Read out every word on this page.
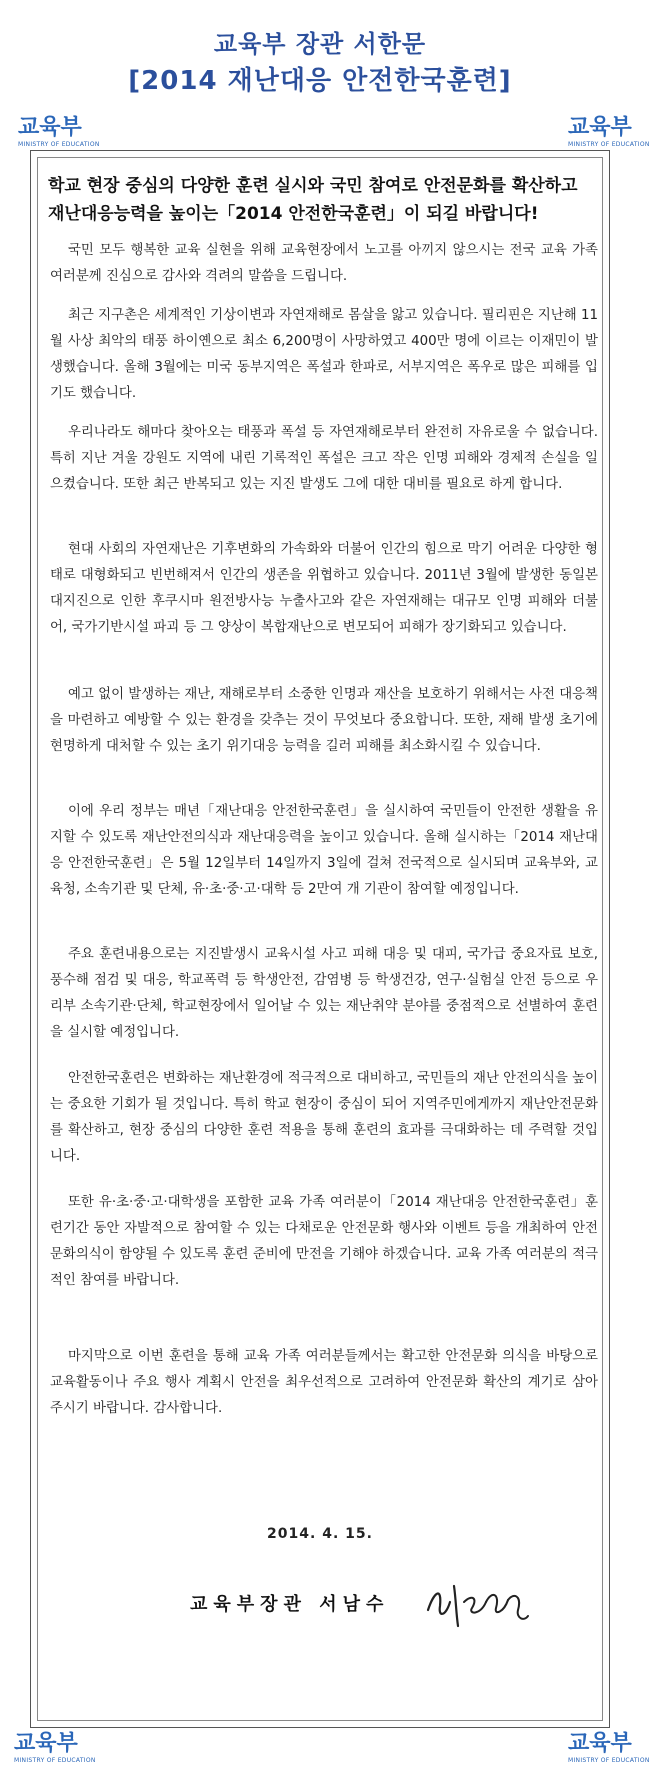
교육부 장관 서한문
[2014 재난대응 안전한국훈련]
교육부
MINISTRY OF EDUCATION
교육부
MINISTRY OF EDUCATION
교육부
MINISTRY OF EDUCATION
교육부
MINISTRY OF EDUCATION
학교 현장 중심의 다양한 훈련 실시와 국민 참여로 안전문화를 확산하고
재난대응능력을 높이는「2014 안전한국훈련」이 되길 바랍니다!

국민 모두 행복한 교육 실현을 위해 교육현장에서 노고를 아끼지 않으시는 전국 교육 가족 여러분께 진심으로 감사와 격려의 말씀을 드립니다.

최근 지구촌은 세계적인 기상이변과 자연재해로 몸살을 앓고 있습니다. 필리핀은 지난해 11월 사상 최악의 태풍 하이옌으로 최소 6,200명이 사망하였고 400만 명에 이르는 이재민이 발생했습니다. 올해 3월에는 미국 동부지역은 폭설과 한파로, 서부지역은 폭우로 많은 피해를 입기도 했습니다.

우리나라도 해마다 찾아오는 태풍과 폭설 등 자연재해로부터 완전히 자유로울 수 없습니다. 특히 지난 겨울 강원도 지역에 내린 기록적인 폭설은 크고 작은 인명 피해와 경제적 손실을 일으켰습니다. 또한 최근 반복되고 있는 지진 발생도 그에 대한 대비를 필요로 하게 합니다.

현대 사회의 자연재난은 기후변화의 가속화와 더불어 인간의 힘으로 막기 어려운 다양한 형태로 대형화되고 빈번해져서 인간의 생존을 위협하고 있습니다. 2011년 3월에 발생한 동일본 대지진으로 인한 후쿠시마 원전방사능 누출사고와 같은 자연재해는 대규모 인명 피해와 더불어, 국가기반시설 파괴 등 그 양상이 복합재난으로 변모되어 피해가 장기화되고 있습니다.

예고 없이 발생하는 재난, 재해로부터 소중한 인명과 재산을 보호하기 위해서는 사전 대응책을 마련하고 예방할 수 있는 환경을 갖추는 것이 무엇보다 중요합니다. 또한, 재해 발생 초기에 현명하게 대처할 수 있는 초기 위기대응 능력을 길러 피해를 최소화시킬 수 있습니다.

이에 우리 정부는 매년「재난대응 안전한국훈련」을 실시하여 국민들이 안전한 생활을 유지할 수 있도록 재난안전의식과 재난대응력을 높이고 있습니다. 올해 실시하는「2014 재난대응 안전한국훈련」은 5월 12일부터 14일까지 3일에 걸쳐 전국적으로 실시되며 교육부와, 교육청, 소속기관 및 단체, 유·초·중·고·대학 등 2만여 개 기관이 참여할 예정입니다.

주요 훈련내용으로는 지진발생시 교육시설 사고 피해 대응 및 대피, 국가급 중요자료 보호, 풍수해 점검 및 대응, 학교폭력 등 학생안전, 감염병 등 학생건강, 연구·실험실 안전 등으로 우리부 소속기관·단체, 학교현장에서 일어날 수 있는 재난취약 분야를 중점적으로 선별하여 훈련을 실시할 예정입니다.

안전한국훈련은 변화하는 재난환경에 적극적으로 대비하고, 국민들의 재난 안전의식을 높이는 중요한 기회가 될 것입니다. 특히 학교 현장이 중심이 되어 지역주민에게까지 재난안전문화를 확산하고, 현장 중심의 다양한 훈련 적용을 통해 훈련의 효과를 극대화하는 데 주력할 것입니다.

또한 유·초·중·고·대학생을 포함한 교육 가족 여러분이「2014 재난대응 안전한국훈련」훈련기간 동안 자발적으로 참여할 수 있는 다채로운 안전문화 행사와 이벤트 등을 개최하여 안전문화의식이 함양될 수 있도록 훈련 준비에 만전을 기해야 하겠습니다. 교육 가족 여러분의 적극적인 참여를 바랍니다.

마지막으로 이번 훈련을 통해 교육 가족 여러분들께서는 확고한 안전문화 의식을 바탕으로 교육활동이나 주요 행사 계획시 안전을 최우선적으로 고려하여 안전문화 확산의 계기로 삼아 주시기 바랍니다. 감사합니다.

2014. 4. 15.
교육부장관 서남수
